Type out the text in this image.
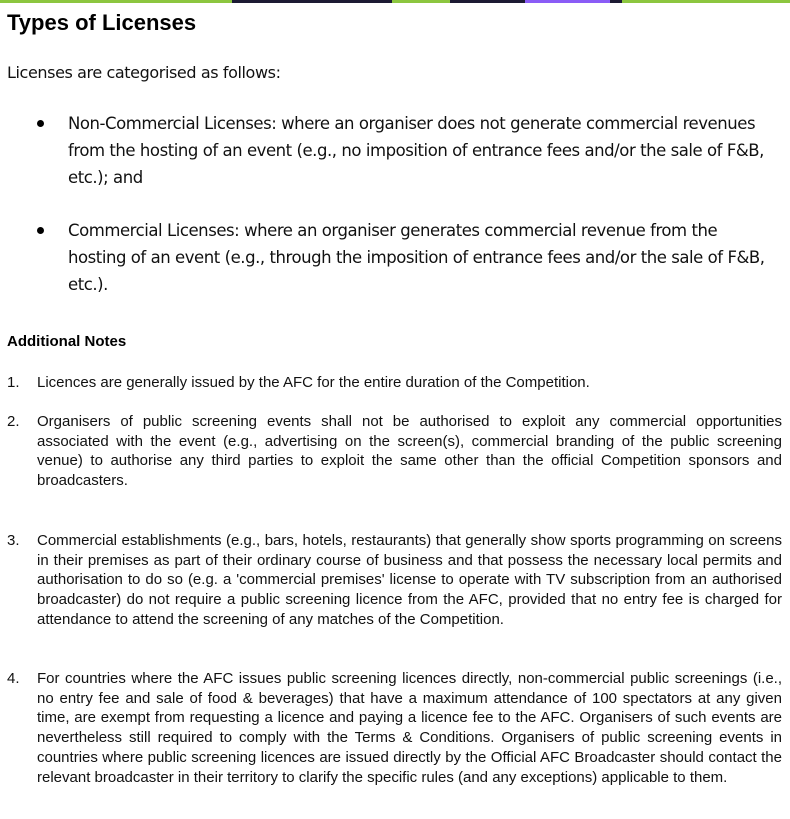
Types of Licenses

Licenses are categorised as follows:

Non-Commercial Licenses: where an organiser does not generate commercial revenues from the hosting of an event (e.g., no imposition of entrance fees and/or the sale of F&B, etc.); and
Commercial Licenses: where an organiser generates commercial revenue from the hosting of an event (e.g., through the imposition of entrance fees and/or the sale of F&B, etc.).
Additional Notes
1. Licences are generally issued by the AFC for the entire duration of the Competition.
2. Organisers of public screening events shall not be authorised to exploit any commercial opportunities associated with the event (e.g., advertising on the screen(s), commercial branding of the public screening venue) to authorise any third parties to exploit the same other than the official Competition sponsors and broadcasters.
3. Commercial establishments (e.g., bars, hotels, restaurants) that generally show sports programming on screens in their premises as part of their ordinary course of business and that possess the necessary local permits and authorisation to do so (e.g. a 'commercial premises' license to operate with TV subscription from an authorised broadcaster) do not require a public screening licence from the AFC, provided that no entry fee is charged for attendance to attend the screening of any matches of the Competition.
4. For countries where the AFC issues public screening licences directly, non-commercial public screenings (i.e., no entry fee and sale of food & beverages) that have a maximum attendance of 100 spectators at any given time, are exempt from requesting a licence and paying a licence fee to the AFC. Organisers of such events are nevertheless still required to comply with the Terms & Conditions. Organisers of public screening events in countries where public screening licences are issued directly by the Official AFC Broadcaster should contact the relevant broadcaster in their territory to clarify the specific rules (and any exceptions) applicable to them.
